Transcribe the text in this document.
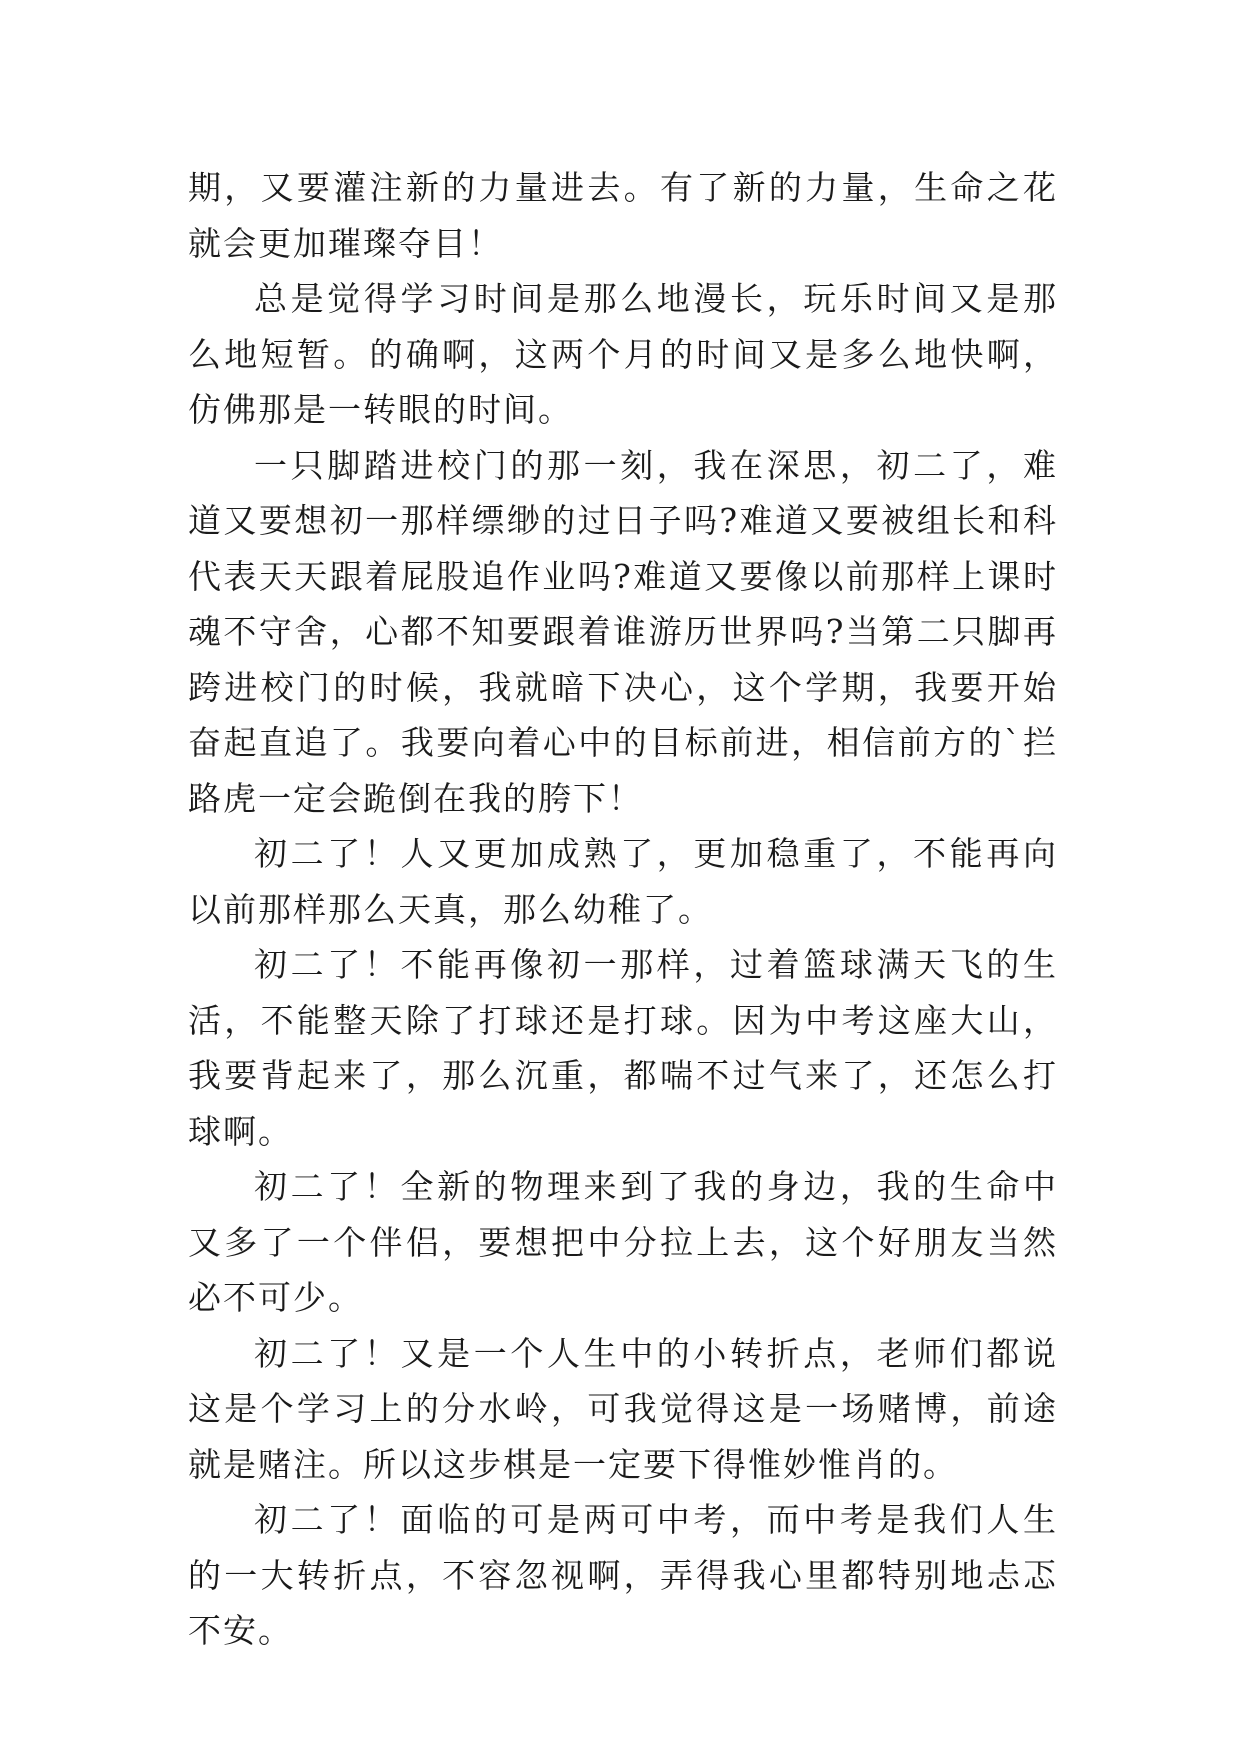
期，又要灌注新的力量进去。有了新的力量，生命之花就会更加璀璨夺目！

总是觉得学习时间是那么地漫长，玩乐时间又是那么地短暂。的确啊，这两个月的时间又是多么地快啊，仿佛那是一转眼的时间。

一只脚踏进校门的那一刻，我在深思，初二了，难道又要想初一那样缥缈的过日子吗?难道又要被组长和科代表天天跟着屁股追作业吗?难道又要像以前那样上课时魂不守舍，心都不知要跟着谁游历世界吗?当第二只脚再跨进校门的时候，我就暗下决心，这个学期，我要开始奋起直追了。我要向着心中的目标前进，相信前方的`拦路虎一定会跪倒在我的胯下！

初二了！人又更加成熟了，更加稳重了，不能再向以前那样那么天真，那么幼稚了。

初二了！不能再像初一那样，过着篮球满天飞的生活，不能整天除了打球还是打球。因为中考这座大山，我要背起来了，那么沉重，都喘不过气来了，还怎么打球啊。

初二了！全新的物理来到了我的身边，我的生命中又多了一个伴侣，要想把中分拉上去，这个好朋友当然必不可少。

初二了！又是一个人生中的小转折点，老师们都说这是个学习上的分水岭，可我觉得这是一场赌博，前途就是赌注。所以这步棋是一定要下得惟妙惟肖的。

初二了！面临的可是两可中考，而中考是我们人生的一大转折点，不容忽视啊，弄得我心里都特别地忐忑不安。
